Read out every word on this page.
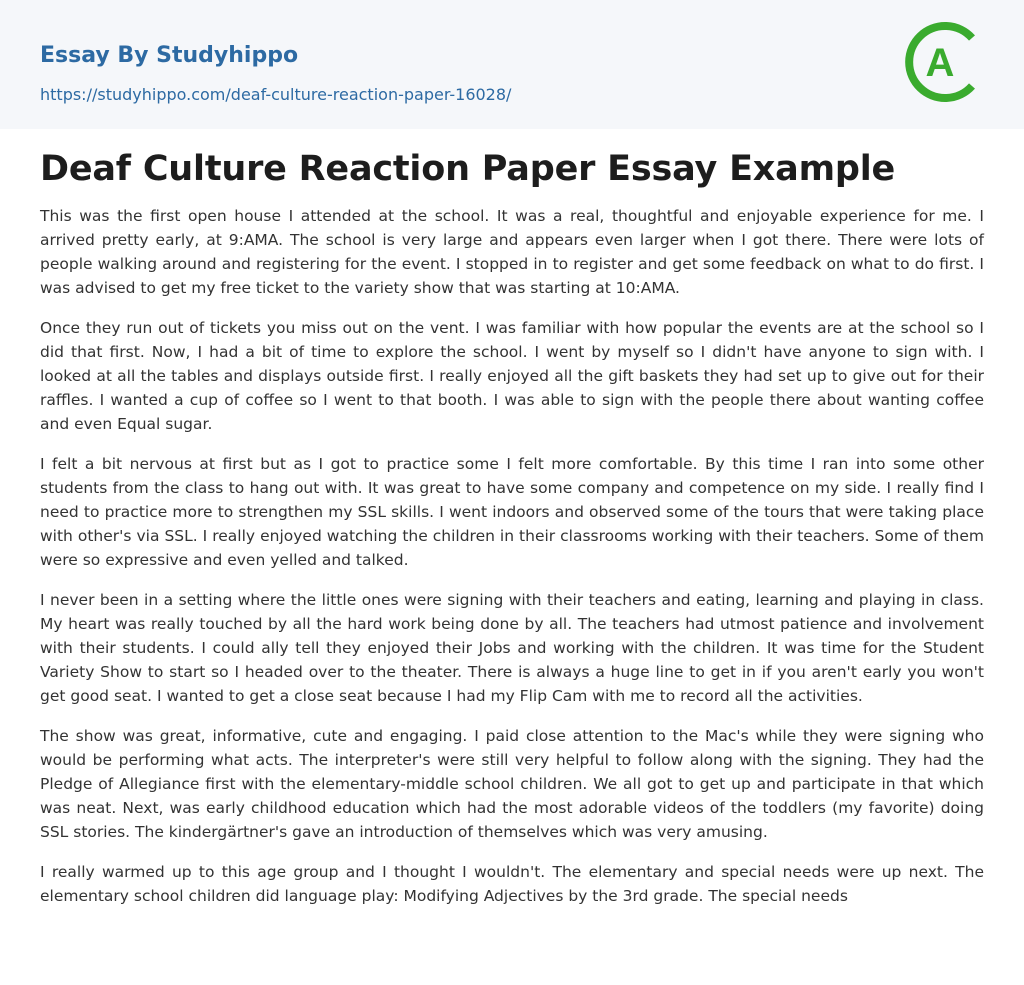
Essay By Studyhippo
https://studyhippo.com/deaf-culture-reaction-paper-16028/
A
Deaf Culture Reaction Paper Essay Example

This was the first open house I attended at the school. It was a real, thoughtful and enjoyable experience for me. I arrived pretty early, at 9:AMA. The school is very large and appears even larger when I got there. There were lots of people walking around and registering for the event. I stopped in to register and get some feedback on what to do first. I was advised to get my free ticket to the variety show that was starting at 10:AMA.

Once they run out of tickets you miss out on the vent. I was familiar with how popular the events are at the school so I did that first. Now, I had a bit of time to explore the school. I went by myself so I didn't have anyone to sign with. I looked at all the tables and displays outside first. I really enjoyed all the gift baskets they had set up to give out for their raffles. I wanted a cup of coffee so I went to that booth. I was able to sign with the people there about wanting coffee and even Equal sugar.

I felt a bit nervous at first but as I got to practice some I felt more comfortable. By this time I ran into some other students from the class to hang out with. It was great to have some company and competence on my side. I really find I need to practice more to strengthen my SSL skills. I went indoors and observed some of the tours that were taking place with other's via SSL. I really enjoyed watching the children in their classrooms working with their teachers. Some of them were so expressive and even yelled and talked.

I never been in a setting where the little ones were signing with their teachers and eating, learning and playing in class. My heart was really touched by all the hard work being done by all. The teachers had utmost patience and involvement with their students. I could ally tell they enjoyed their Jobs and working with the children. It was time for the Student Variety Show to start so I headed over to the theater. There is always a huge line to get in if you aren't early you won't get good seat. I wanted to get a close seat because I had my Flip Cam with me to record all the activities.

The show was great, informative, cute and engaging. I paid close attention to the Mac's while they were signing who would be performing what acts. The interpreter's were still very helpful to follow along with the signing. They had the Pledge of Allegiance first with the elementary-middle school children. We all got to get up and participate in that which was neat. Next, was early childhood education which had the most adorable videos of the toddlers (my favorite) doing SSL stories. The kindergärtner's gave an introduction of themselves which was very amusing.

I really warmed up to this age group and I thought I wouldn't. The elementary and special needs were up next. The elementary school children did language play: Modifying Adjectives by the 3rd grade. The special needs
